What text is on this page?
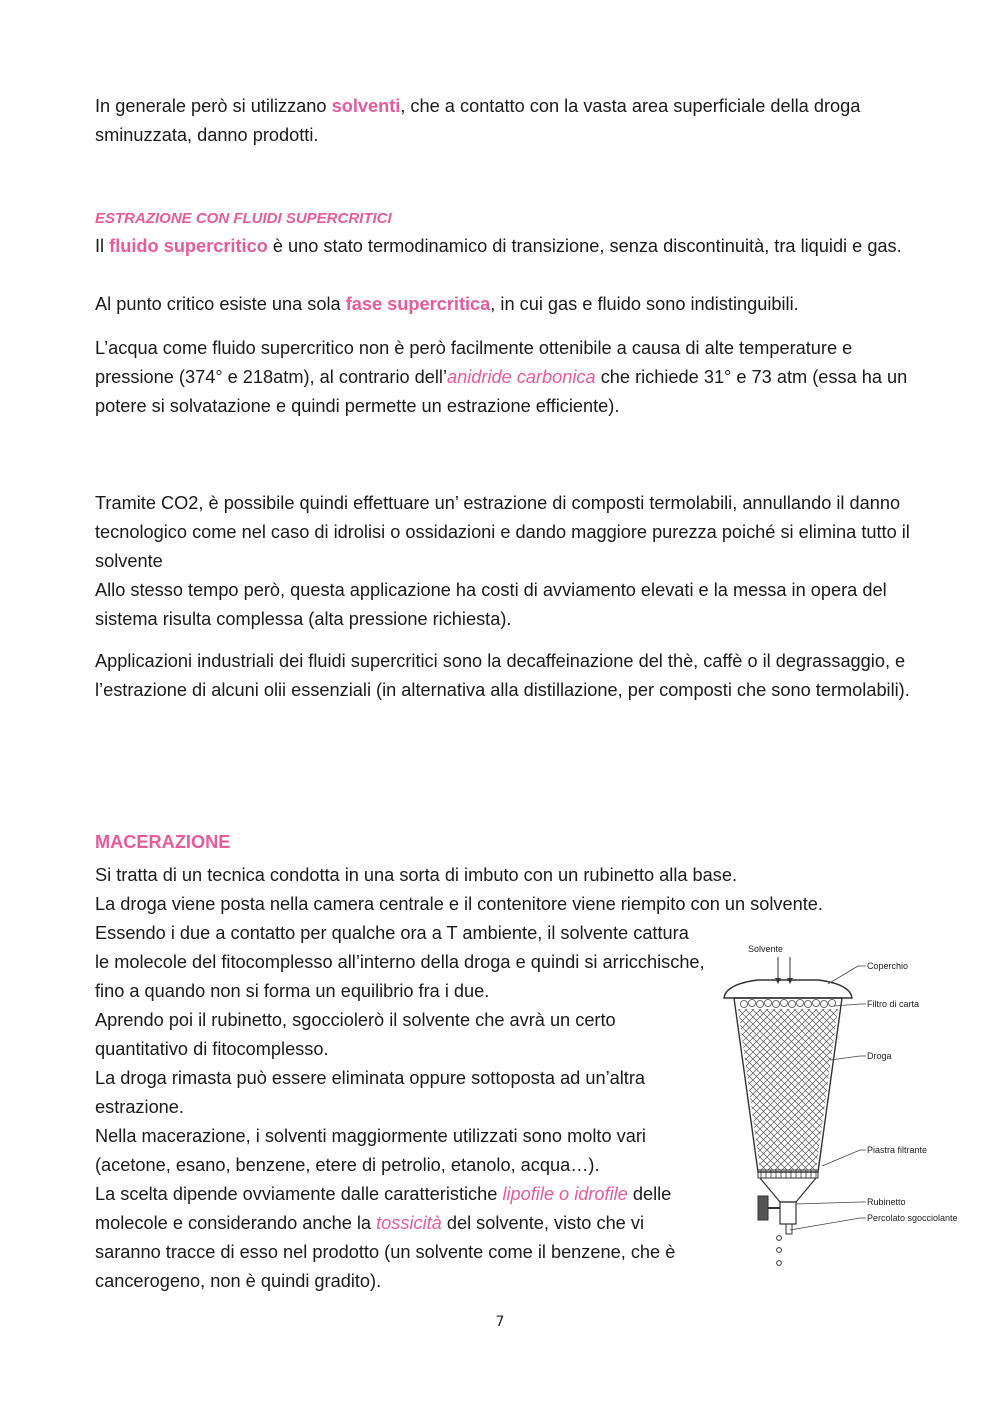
In generale però si utilizzano solventi, che a contatto con la vasta area superficiale della droga sminuzzata, danno prodotti.

ESTRAZIONE CON FLUIDI SUPERCRITICI

Il fluido supercritico è uno stato termodinamico di transizione, senza discontinuità, tra liquidi e gas.

Al punto critico esiste una sola fase supercritica, in cui gas e fluido sono indistinguibili.

L’acqua come fluido supercritico non è però facilmente ottenibile a causa di alte temperature e pressione (374° e 218atm), al contrario dell’anidride carbonica che richiede 31° e 73 atm (essa ha un potere si solvatazione e quindi permette un estrazione efficiente).

Tramite CO2, è possibile quindi effettuare un’ estrazione di composti termolabili, annullando il danno tecnologico come nel caso di idrolisi o ossidazioni e dando maggiore purezza poiché si elimina tutto il solvente

Allo stesso tempo però, questa applicazione ha costi di avviamento elevati e la messa in opera del sistema risulta complessa (alta pressione richiesta).

Applicazioni industriali dei fluidi supercritici sono la decaffeinazione del thè, caffè o il degrassaggio, e l’estrazione di alcuni olii essenziali (in alternativa alla distillazione, per composti che sono termolabili).

MACERAZIONE

Si tratta di un tecnica condotta in una sorta di imbuto con un rubinetto alla base.

La droga viene posta nella camera centrale e il contenitore viene riempito con un solvente.

Essendo i due a contatto per qualche ora a T ambiente, il solvente cattura le molecole del fitocomplesso all’interno della droga e quindi si arricchische, fino a quando non si forma un equilibrio fra i due.

Aprendo poi il rubinetto, sgocciolerò il solvente che avrà un certo quantitativo di fitocomplesso.

La droga rimasta può essere eliminata oppure sottoposta ad un’altra estrazione.

Nella macerazione, i solventi maggiormente utilizzati sono molto vari (acetone, esano, benzene, etere di petrolio, etanolo, acqua…).

La scelta dipende ovviamente dalle caratteristiche lipofile o idrofile delle molecole e considerando anche la tossicità del solvente, visto che vi saranno tracce di esso nel prodotto (un solvente come il benzene, che è cancerogeno, non è quindi gradito).

Solvente
Coperchio
Filtro di carta
Droga
Piastra filtrante
Rubinetto
Percolato sgocciolante
7
